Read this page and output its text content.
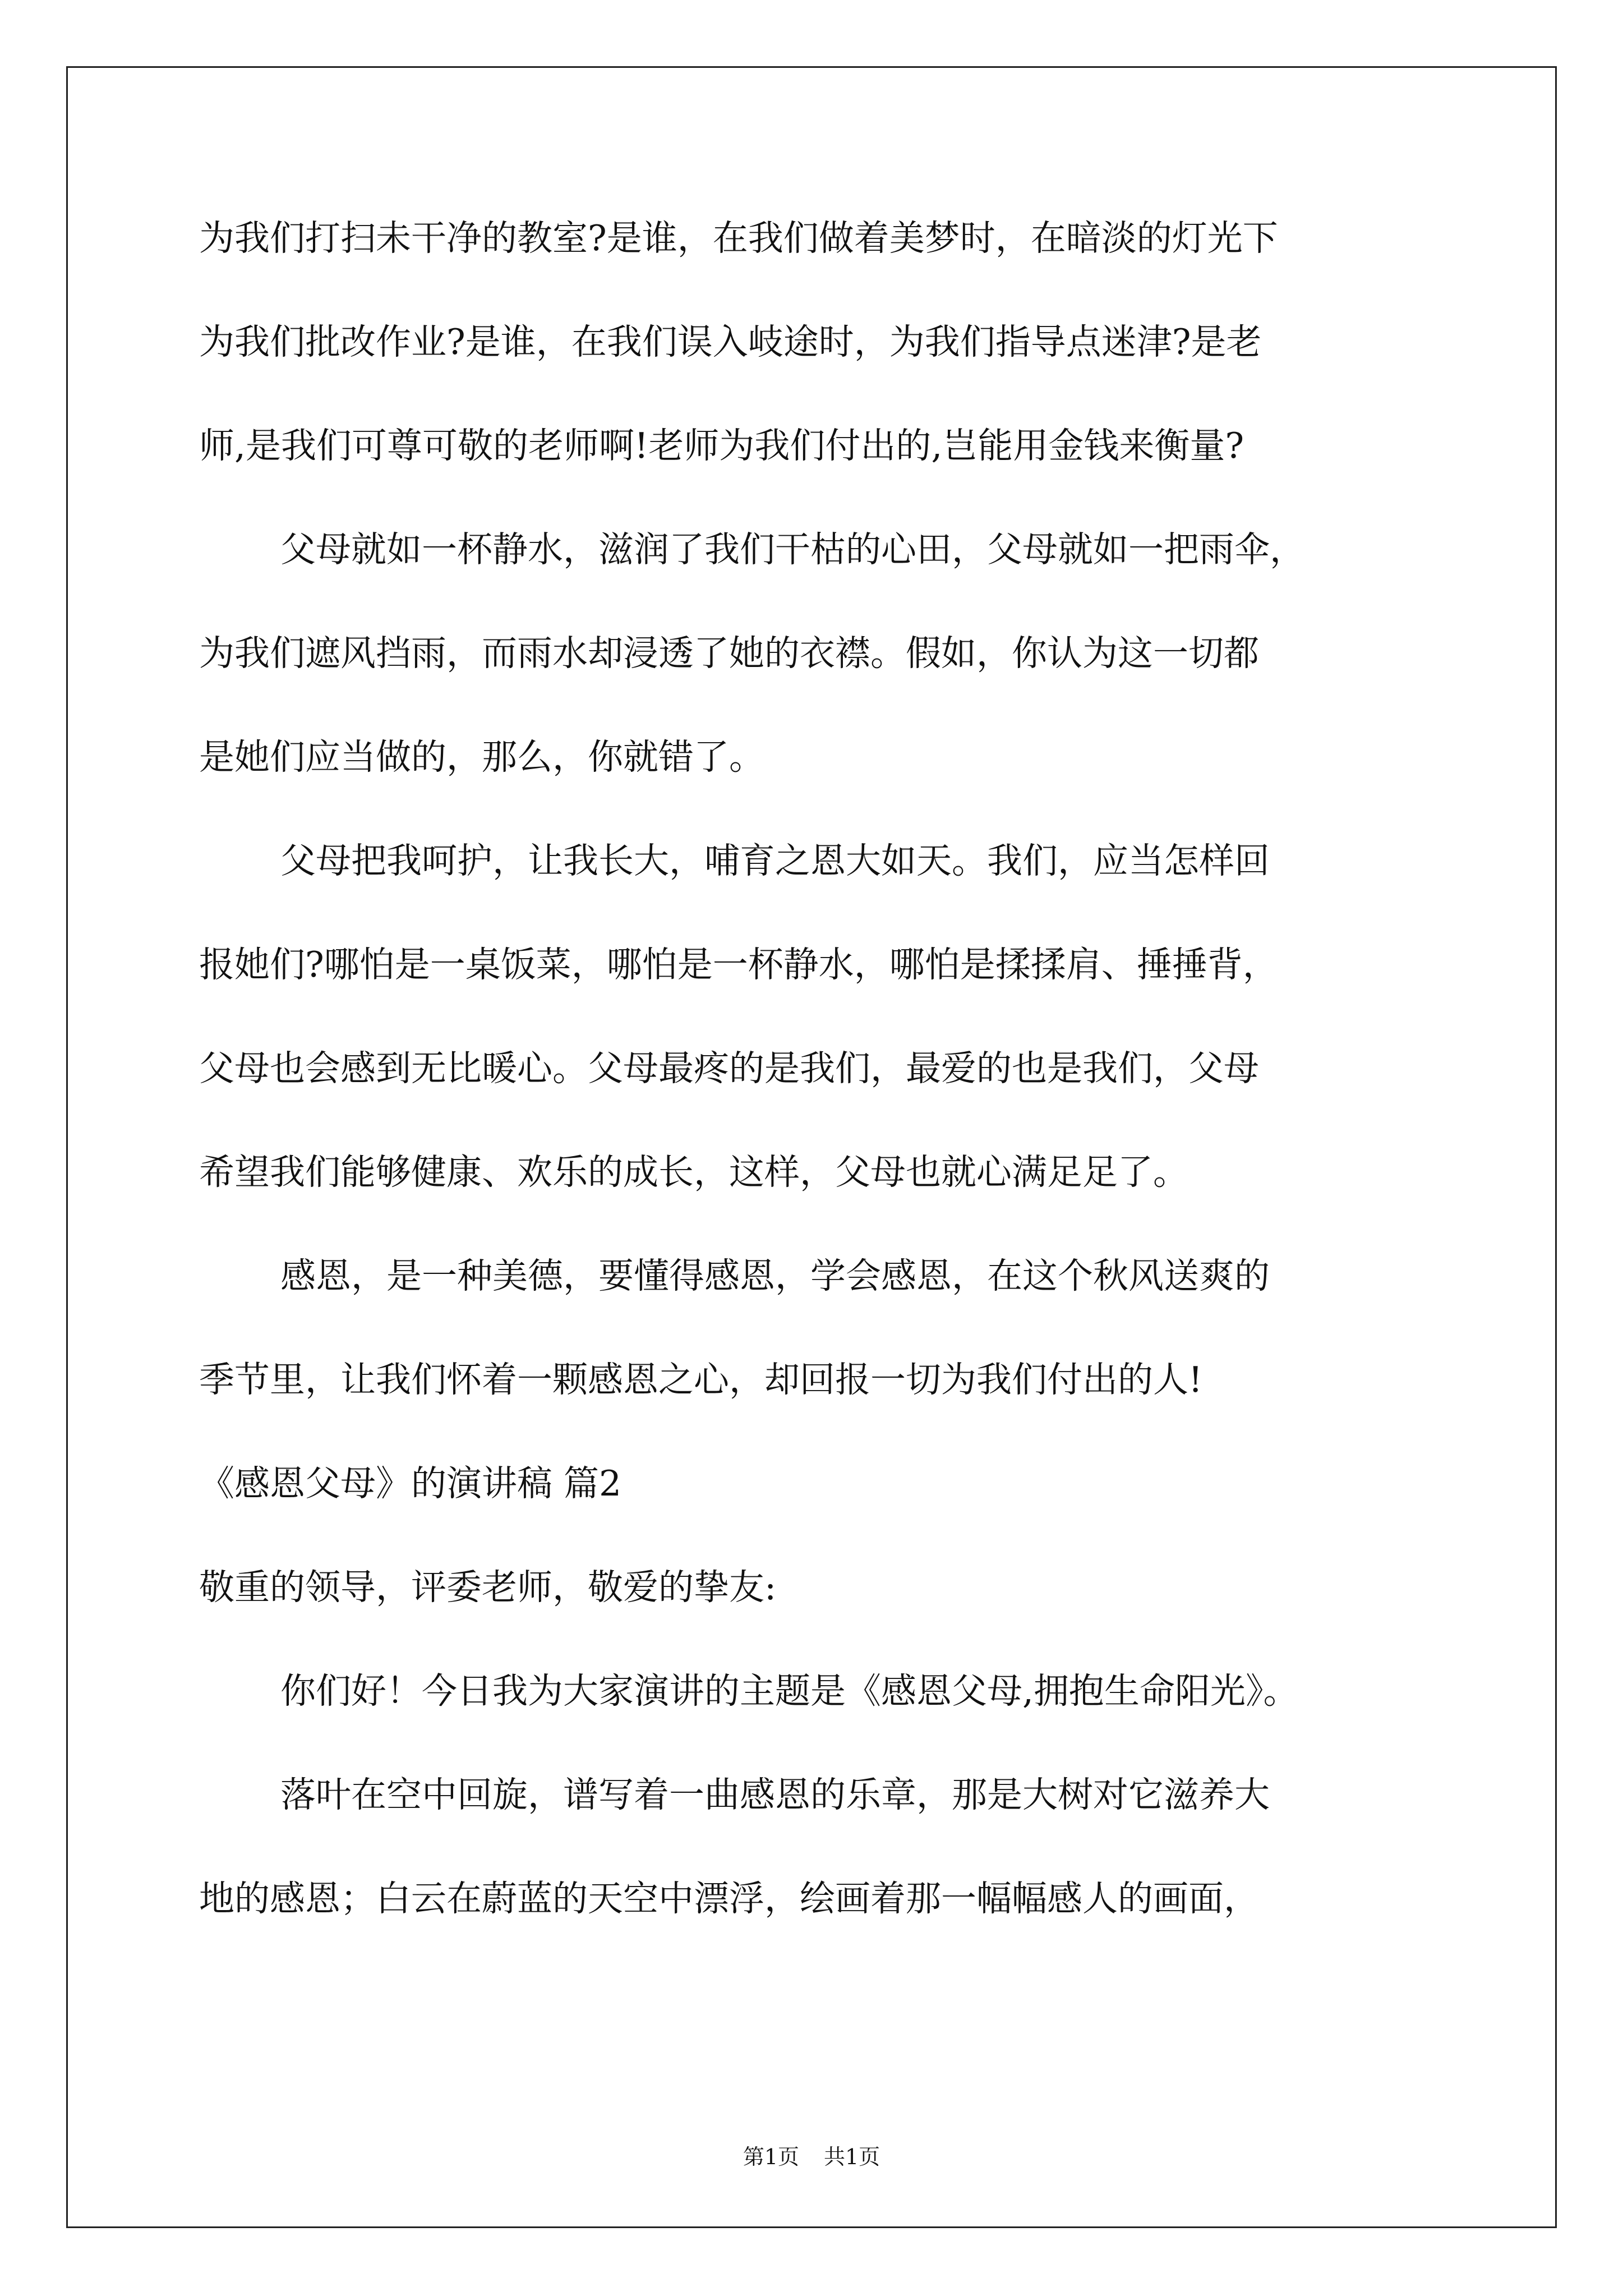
为我们打扫未干净的教室?是谁，在我们做着美梦时，在暗淡的灯光下
为我们批改作业?是谁，在我们误入岐途时，为我们指导点迷津?是老
师,是我们可尊可敬的老师啊!老师为我们付出的,岂能用金钱来衡量?
父母就如一杯静水，滋润了我们干枯的心田，父母就如一把雨伞，
为我们遮风挡雨，而雨水却浸透了她的衣襟。假如，你认为这一切都
是她们应当做的，那么，你就错了。
父母把我呵护，让我长大，哺育之恩大如天。我们，应当怎样回
报她们?哪怕是一桌饭菜，哪怕是一杯静水，哪怕是揉揉肩、捶捶背，
父母也会感到无比暖心。父母最疼的是我们，最爱的也是我们，父母
希望我们能够健康、欢乐的成长，这样，父母也就心满足足了。
感恩，是一种美德，要懂得感恩，学会感恩，在这个秋风送爽的
季节里，让我们怀着一颗感恩之心，却回报一切为我们付出的人!
《感恩父母》的演讲稿 篇2
敬重的领导，评委老师，敬爱的挚友:
你们好！今日我为大家演讲的主题是《感恩父母,拥抱生命阳光》。
落叶在空中回旋，谱写着一曲感恩的乐章，那是大树对它滋养大
地的感恩；白云在蔚蓝的天空中漂浮，绘画着那一幅幅感人的画面，
第1页 共1页
